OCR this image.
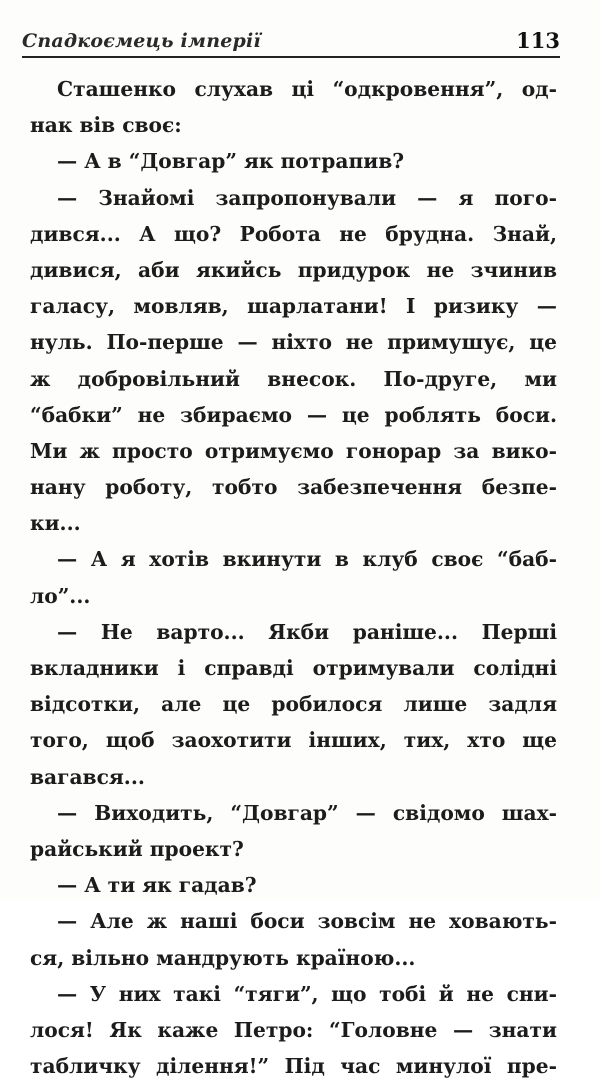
Спадкоємець імперії	113
Сташенко слухав ці “одкровення”, од-
нак вів своє:
— А в “Довгар” як потрапив?
— Знайомі запропонували — я пого-
дився... А що? Робота не брудна. Знай,
дивися, аби якийсь придурок не зчинив
галасу, мовляв, шарлатани! І ризику —
нуль. По-перше — ніхто не примушує, це
ж добровільний внесок. По-друге, ми
“бабки” не збираємо — це роблять боси.
Ми ж просто отримуємо гонорар за вико-
нану роботу, тобто забезпечення безпе-
ки...
— А я хотів вкинути в клуб своє “баб-
ло”...
— Не варто... Якби раніше... Перші
вкладники і справді отримували солідні
відсотки, але це робилося лише задля
того, щоб заохотити інших, тих, хто ще
вагався...
— Виходить, “Довгар” — свідомо шах-
райський проект?
— А ти як гадав?
— Але ж наші боси зовсім не ховають-
ся, вільно мандрують країною...
— У них такі “тяги”, що тобі й не сни-
лося! Як каже Петро: “Головне — знати
табличку ділення!” Під час минулої пре-
